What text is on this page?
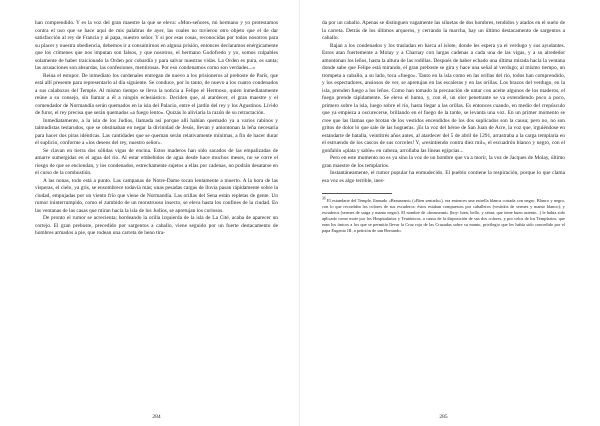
han comprendido. Y es la voz del gran maestre la que se eleva: «Mon-señores, mi hermano y yo protestamos contra el uso que se hace aquí de mis palabras de ayer, las cuales no tuvieron otro objeto que el de dar satisfacción al rey de Francia y al papa, nuestro señor. Y si por esas cosas, reconocidas por todos nosotros para su placer y nuestra obediencia, debemos ir a consumirnos en alguna prisión, entonces declaramos enérgicamente que los crímenes que nos imputan son falsos, y que nosotros, el hermano Godofredo y yo, somos culpables solamente de haber traicionado la Orden por cobardía y para salvar nuestras vidas. La Orden es pura, es santa; las acusaciones son absurdas, las confesiones, mentirosas. Por eso condenamos como son verdades...»

Reina el estupor. De inmediato los cardenales entregan de nuevo a los prisioneros al preboste de París, que está allí presente para representarlo al día siguiente. Se conduce, por lo tanto, de nuevo a los cuatro condenados a sus calabozos del Temple. Al mismo tiempo se lleva la noticia a Felipe el Hermoso, quien inmediatamente reúne a su consejo, sin llamar a él a ningún eclesiástico. Deciden que, al atardecer, el gran maestre y el comendador de Normandía serán quemados en la isla del Palacio, entre el jardín del rey y los Agustinos. Lívido de furor, el rey precisa que serán quemados «a fuego lento». Quizás lo aliviaría la razón de su retractación.

Inmediatamente, a la isla de los Judíos, llamada así porque allí habían quemado ya a varios rabinos y talmudistas testarudos, que se obstinaban en negar la divinidad de Jesús, llevan y amontonan la leña necesaria para hacer dos piras idénticas. Las cantidades que se queman serán relativamente mínimas, a fin de hacer durar el suplicio, conforme a «los deseos del rey, nuestro señor».

Se clavan en tierra dos sólidas vigas de encina. Estos maderos han sido sacados de las empalizadas de amarre sumergidas en el agua del río. Al estar embebidos de agua desde hace muchos meses, no se corre el riesgo de que se enciendan, y los condenados, estrechamente sujetos a ellas por cadenas, no podrán desatarse en el curso de la combustión.

A las nonas, todo está a punto. Las campanas de Notre-Dame tocan lentamente a muerto. A la hora de las vísperas, el cielo, ya gris, se ensombrece todavía más; unas pesadas cargas de lluvia pasan rápidamente sobre la ciudad, empujadas por un viento frío que viene de Normandía. Las orillas del Sena están repletas de gente. Un rumor ininterrumpido, como el zumbido de un monstruoso insecto, se eleva hasta los confines de la ciudad. En las ventanas de las casas que miran hacia la isla de los Judíos, se apretujan los curiosos.

De pronto el rumor se acrecienta; bordeando la orilla izquierda de la isla de La Cité, acaba de aparecer un cortejo. El gran preboste, precedido por sargentos a caballo, viene seguido por un fuerte destacamento de hombres armados a pie, que rodean una carreta de heno tira-

284

da por un caballo. Apenas se distinguen vagamente las siluetas de dos hombres, tendidos y atados en el suelo de la carreta. Detrás de los últimos arqueros, y cerrando la marcha, hay un último destacamento de sargentos a caballo.

Bajan a los condenados y los trasladan en barca al islote, donde les espera ya el verdugo y sus ayudantes. Estos atan fuertemente a Molay y a Charnay con largas cadenas a cada una de las vigas, y a su alrededor amontonan los leños, hasta la altura de las rodillas. Después de haber echado una última mirada hacia la ventana donde sabe que Felipe está mirando, el gran preboste se gira y hace una señal al verdugo; al mismo tiempo, un trompeta a caballo, a su lado, toca «fuego». Tanto en la isla como en las orillas del río, todos han comprendido, y los espectadores, ansiosos de ver, se apretujan en las escaleras y en las orillas. Los brazos del verdugo, en la isla, prenden fuego a los leños. Como han tomado la precaución de untar con aceite algunos de los maderos, el fuego prende rápidamente. Se eleva el humo, y, con él, un olor penetrante se va extendiendo poco a poco, primero sobre la isla, luego sobre el río, hasta llegar a las orillas. Es entonces cuando, en medio del crepúsculo que ya empieza a oscurecerse, brillando en el fuego de la tarde, se levanta una voz. En un primer momento se cree que las llamas que brotan de los vestidos encendidos de los dos suplicados son la causa; pero no, no son gritos de dolor lo que sale de las hogueras. ¡Es la voz del héroe de San Juan de Acre, la voz que, irguiéndose en estandarte de batalla, veintitrés años antes, al atardecer del 5 de abril de 1291, arrastraba a la carga templaria en el estruendo de los cascos de sus corceles! Y, «resintiendo contra diez mil», el escuadrón blanco y negro, con el gonfalón «plata y sable» en cabeza, arrollaba las líneas egipcias...

Pero en este momento no es ya sino la voz de un hombre que va a morir, la voz de Jacques de Molay, último gran maestre de los templarios.

Instantáneamente, el rumor popular ha enmudecido. El pueblo contiene la respiración, porque lo que clama esa voz es algo terrible, ines-

$^{36}$ El estandarte del Temple, llamado «Beauseant» («Bien sentado»), era entonces una estrella blanca cortada con negro. Blanco y negro, con lo que recordaba los colores de sus escuderos: éstos estaban compuestos por caballeros (vestidos de sermes y manto blanco), y escuderos (sermes de sarga y manto negro). El nombre de «beauseant» (hoy: bien, bello, y séant, que tiene buen asiento...) le había sido aplicado como mote por los Hospitalarios y Teutónicos, a causa de la disposición de sus dos colores, y por celos de los Templarios, que eran los únicos a los que se permitía llevar la Cruz roja de las Cruzadas sobre su manto, privilegio que les había sido concedido por el papa Eugenio III, a petición de san Bernardo.

285
